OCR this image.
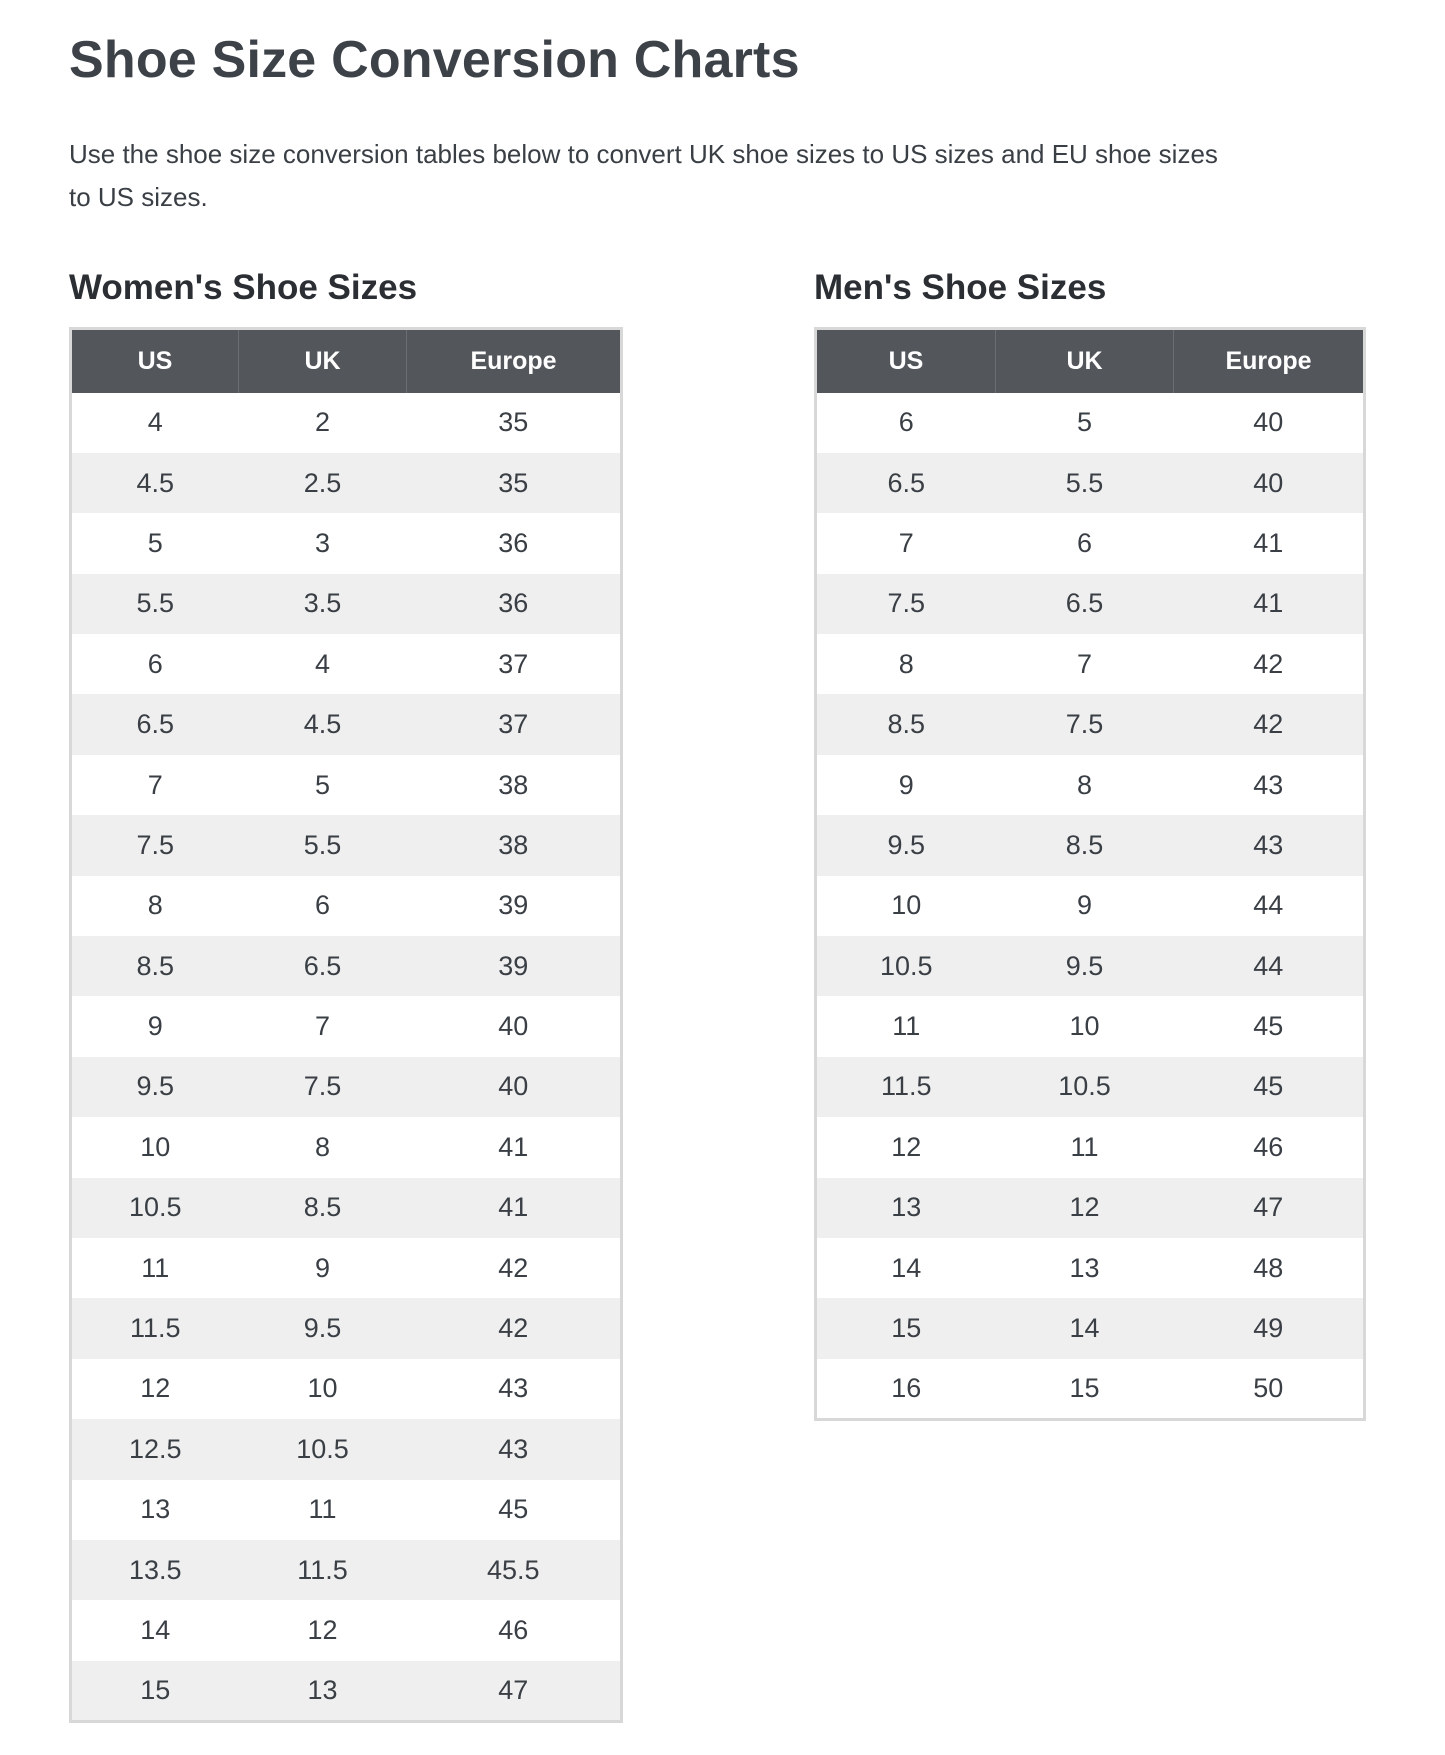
Shoe Size Conversion Charts

Use the shoe size conversion tables below to convert UK shoe sizes to US sizes and EU shoe sizes to US sizes.

Women's Shoe Sizes
US	UK	Europe
4	2	35
4.5	2.5	35
5	3	36
5.5	3.5	36
6	4	37
6.5	4.5	37
7	5	38
7.5	5.5	38
8	6	39
8.5	6.5	39
9	7	40
9.5	7.5	40
10	8	41
10.5	8.5	41
11	9	42
11.5	9.5	42
12	10	43
12.5	10.5	43
13	11	45
13.5	11.5	45.5
14	12	46
15	13	47
Men's Shoe Sizes
US	UK	Europe
6	5	40
6.5	5.5	40
7	6	41
7.5	6.5	41
8	7	42
8.5	7.5	42
9	8	43
9.5	8.5	43
10	9	44
10.5	9.5	44
11	10	45
11.5	10.5	45
12	11	46
13	12	47
14	13	48
15	14	49
16	15	50
